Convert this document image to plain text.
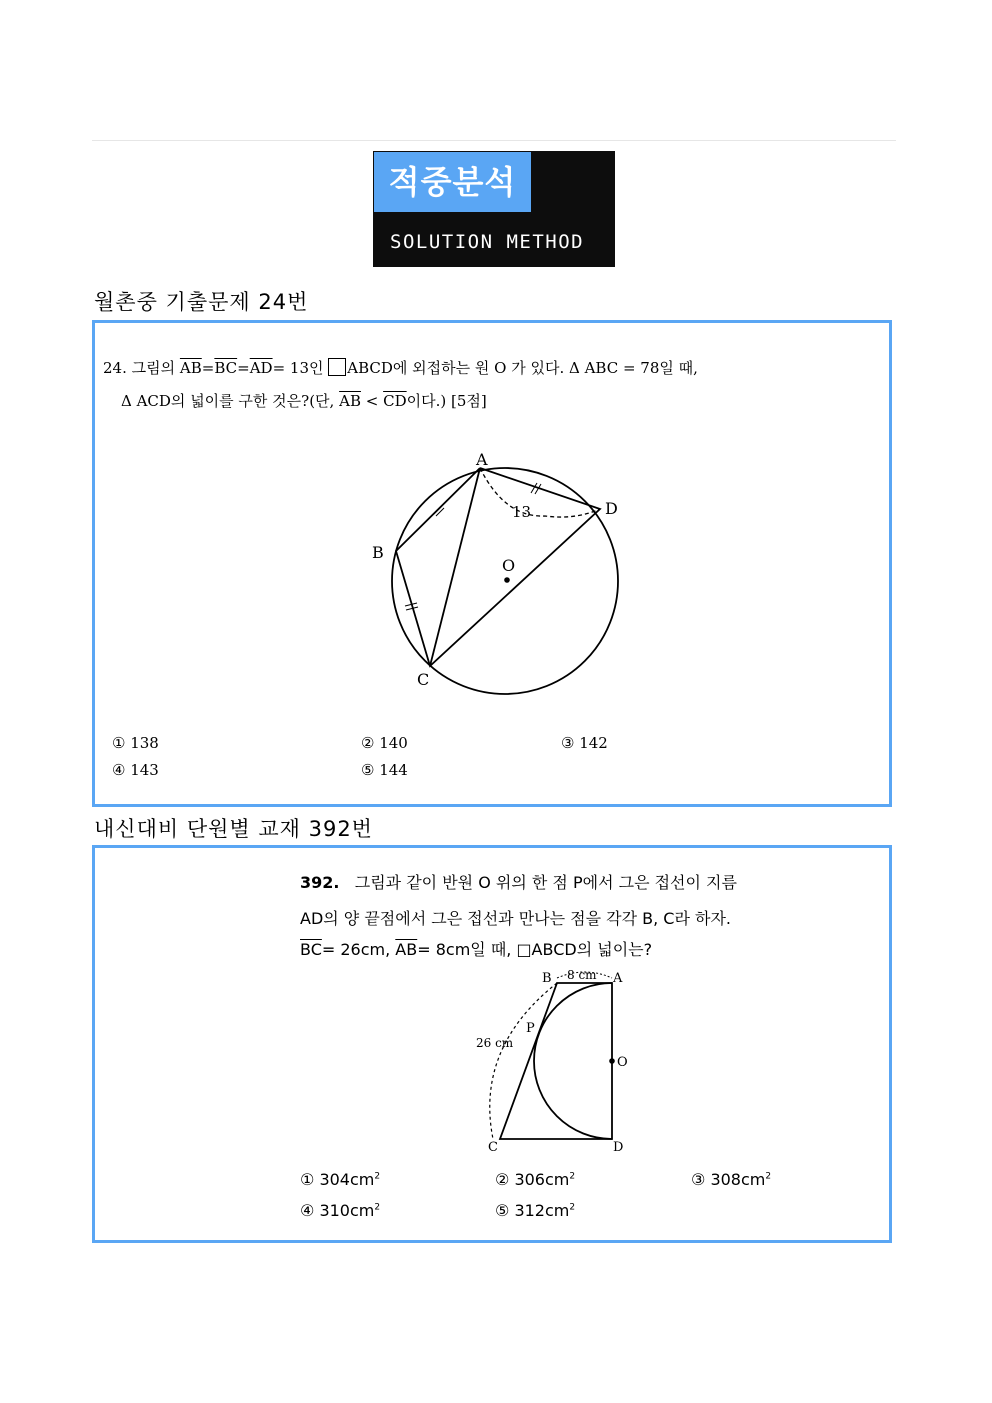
적중분석
SOLUTION METHOD
월촌중 기출문제 24번
24. 그림의 $\overline{AB}=\overline{BC}=\overline{AD}= 13$인 ABCD에 외접하는 원 O 가 있다. Δ ABC = 78일 때,
Δ ACD의 넓이를 구한 것은?(단, $\overline{AB} < \overline{CD}$이다.) [5점]
A
D
B
C
O
13
① 138	② 140	③ 142
④ 143	⑤ 144
내신대비 단원별 교재 392번
392. 그림과 같이 반원 O 위의 한 점 P에서 그은 접선이 지름
AD의 양 끝점에서 그은 접선과 만나는 점을 각각 B, C라 하자.
$\overline{BC}= 26cm$, $\overline{AB}= 8cm$일 때, □ABCD의 넓이는?
B	A
8 cm
P
26 cm
O
C	D
① $304cm^2$	② $306cm^2$	③ $308cm^2$
④ $310cm^2$	⑤ $312cm^2$
